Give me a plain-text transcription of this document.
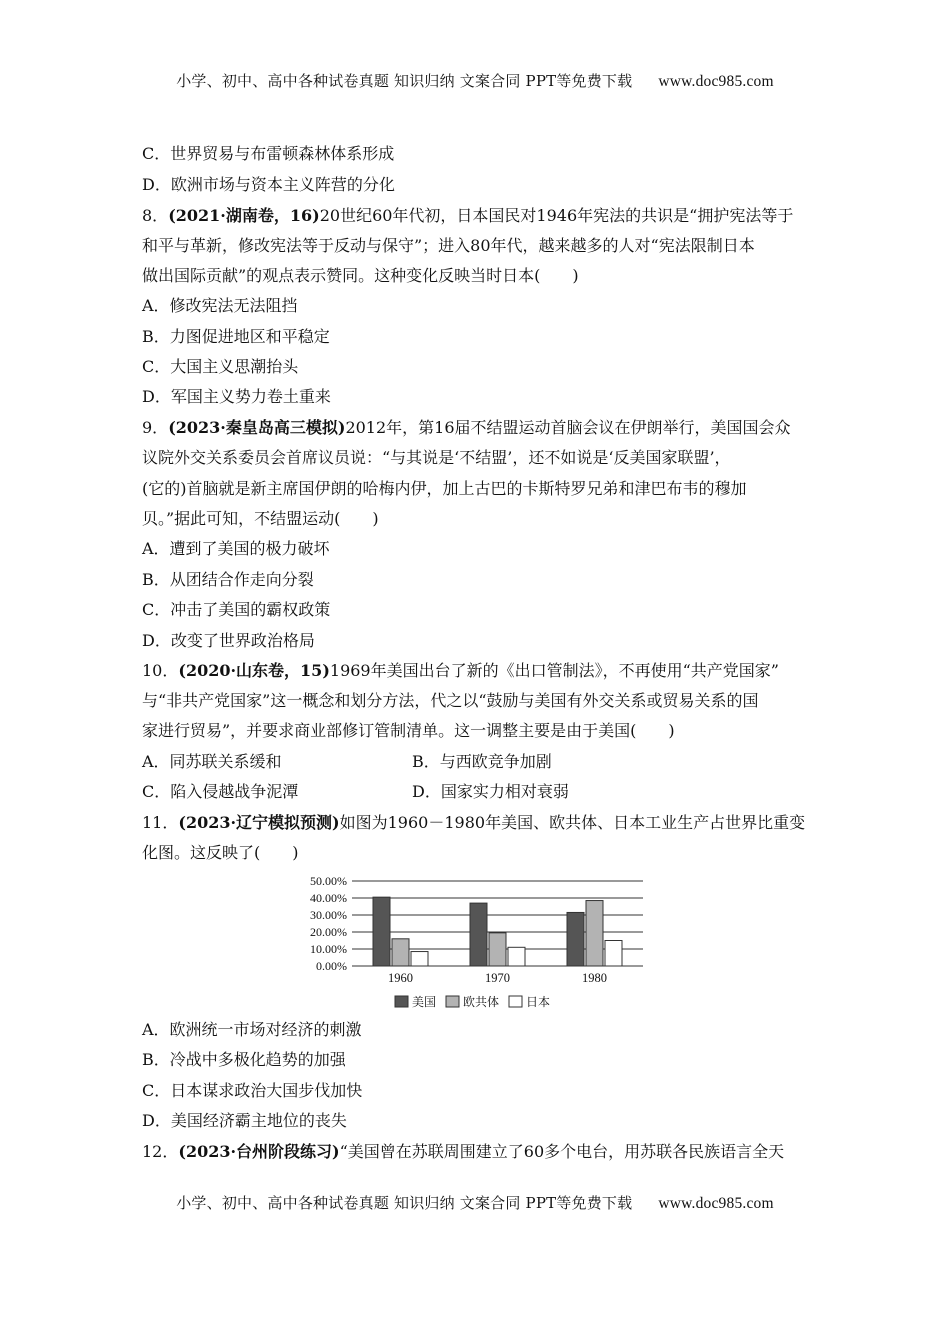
小学、初中、高中各种试卷真题 知识归纳 文案合同 PPT等免费下载 www.doc985.com
C．世界贸易与布雷顿森林体系形成
D．欧洲市场与资本主义阵营的分化
8．(2021·湖南卷，16)20世纪60年代初，日本国民对1946年宪法的共识是“拥护宪法等于
和平与革新，修改宪法等于反动与保守”；进入80年代，越来越多的人对“宪法限制日本
做出国际贡献”的观点表示赞同。这种变化反映当时日本(　　)
A．修改宪法无法阻挡
B．力图促进地区和平稳定
C．大国主义思潮抬头
D．军国主义势力卷土重来
9．(2023·秦皇岛高三模拟)2012年，第16届不结盟运动首脑会议在伊朗举行，美国国会众
议院外交关系委员会首席议员说：“与其说是‘不结盟’，还不如说是‘反美国家联盟’，
(它的)首脑就是新主席国伊朗的哈梅内伊，加上古巴的卡斯特罗兄弟和津巴布韦的穆加
贝。”据此可知，不结盟运动(　　)
A．遭到了美国的极力破坏
B．从团结合作走向分裂
C．冲击了美国的霸权政策
D．改变了世界政治格局
10．(2020·山东卷，15)1969年美国出台了新的《出口管制法》，不再使用“共产党国家”
与“非共产党国家”这一概念和划分方法，代之以“鼓励与美国有外交关系或贸易关系的国
家进行贸易”，并要求商业部修订管制清单。这一调整主要是由于美国(　　)
A．同苏联关系缓和	B．与西欧竞争加剧
C．陷入侵越战争泥潭	D．国家实力相对衰弱
11．(2023·辽宁模拟预测)如图为1960－1980年美国、欧共体、日本工业生产占世界比重变
化图。这反映了(　　)
0.00%
10.00%
20.00%
30.00%
40.00%
50.00%
1960	1970	1980
美国 欧共体 日本
A．欧洲统一市场对经济的刺激
B．冷战中多极化趋势的加强
C．日本谋求政治大国步伐加快
D．美国经济霸主地位的丧失
12．(2023·台州阶段练习)“美国曾在苏联周围建立了60多个电台，用苏联各民族语言全天
小学、初中、高中各种试卷真题 知识归纳 文案合同 PPT等免费下载 www.doc985.com
